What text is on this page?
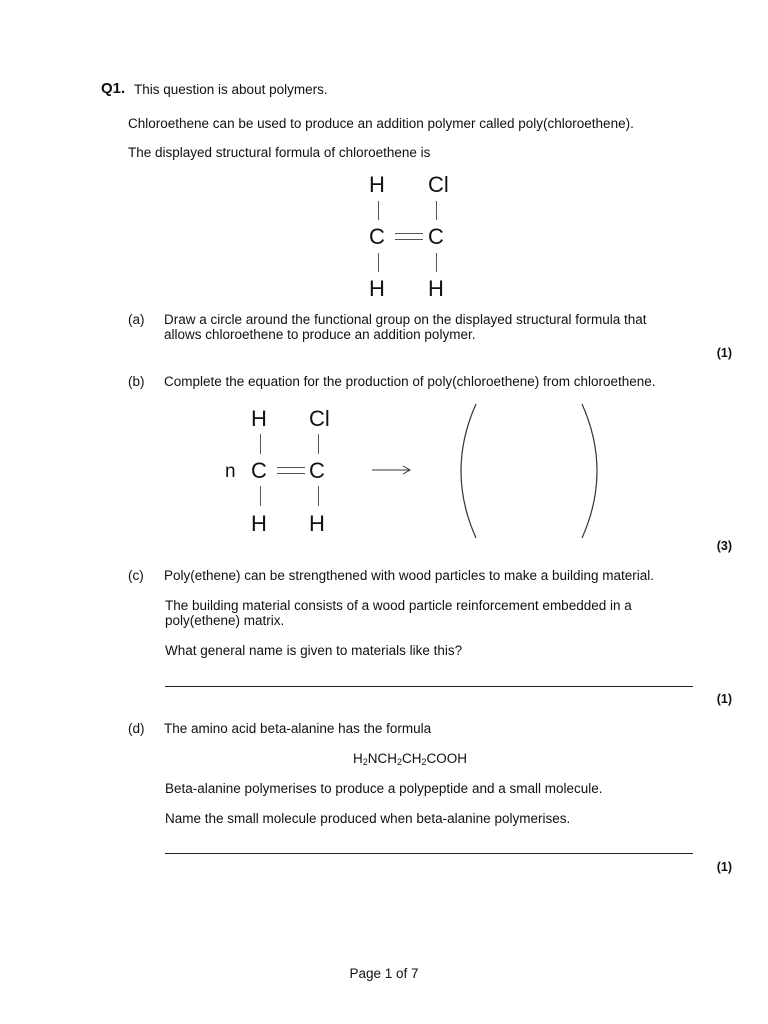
Q1. This question is about polymers.
Chloroethene can be used to produce an addition polymer called poly(chloroethene).
The displayed structural formula of chloroethene is
H Cl
C C
H H
(a) Draw a circle around the functional group on the displayed structural formula that
allows chloroethene to produce an addition polymer.
(1)
(b) Complete the equation for the production of poly(chloroethene) from chloroethene.
H Cl
n C C
H H
(3)
(c) Poly(ethene) can be strengthened with wood particles to make a building material.
The building material consists of a wood particle reinforcement embedded in a
poly(ethene) matrix.
What general name is given to materials like this?
(1)
(d) The amino acid beta-alanine has the formula
$H_2NCH_2CH_2COOH$
Beta-alanine polymerises to produce a polypeptide and a small molecule.
Name the small molecule produced when beta-alanine polymerises.
(1)
Page 1 of 7
